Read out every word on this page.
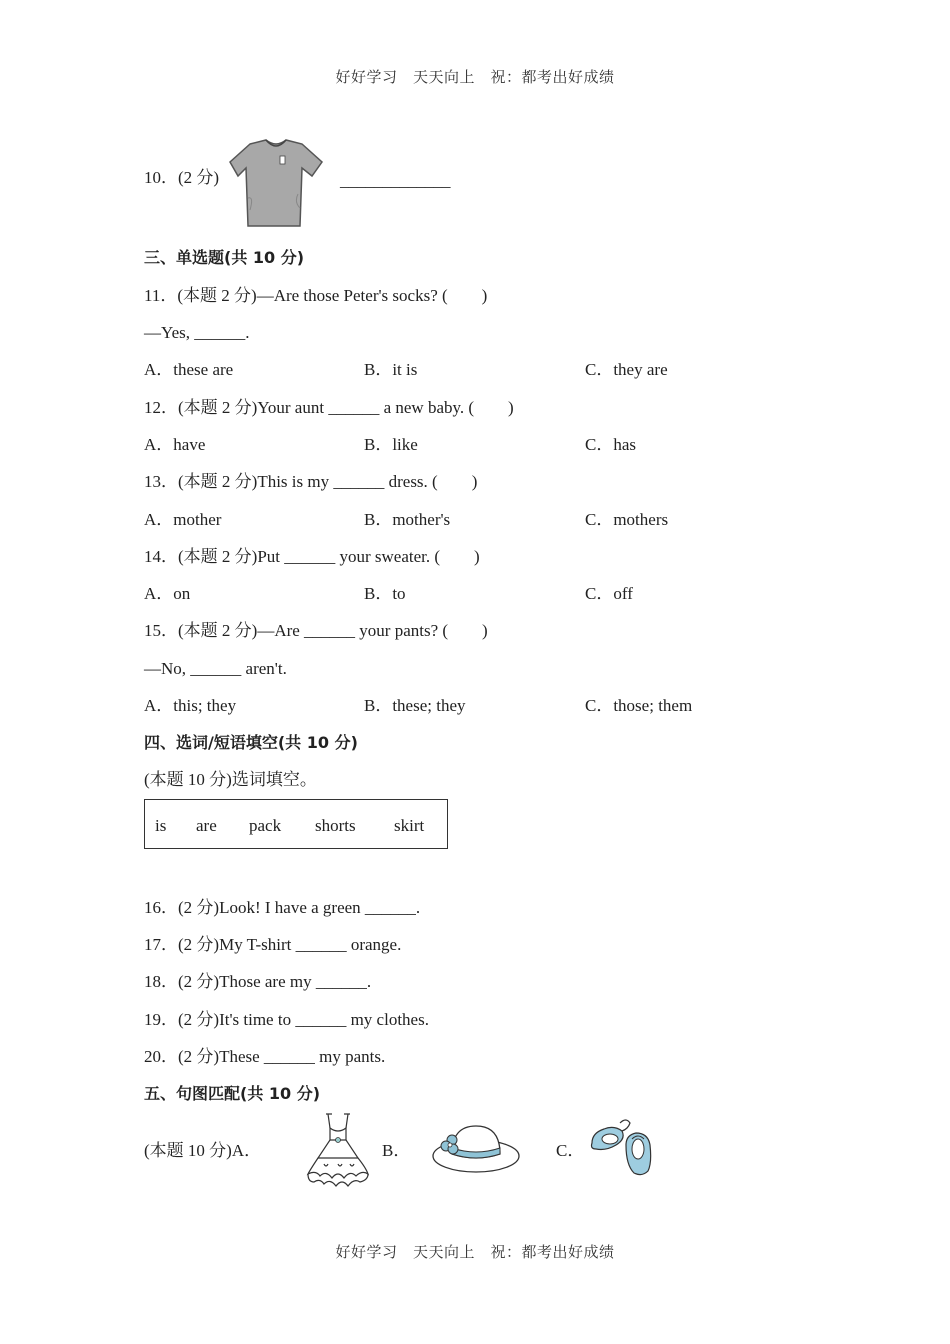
好好学习　天天向上　祝：都考出好成绩
10．(2 分)	_____________
三、单选题(共 10 分)
11．(本题 2 分)—Are those Peter's socks? (　　)
—Yes, ______.
A．these are	B．it is	C．they are
12．(本题 2 分)Your aunt ______ a new baby. (　　)
A．have	B．like	C．has
13．(本题 2 分)This is my ______ dress. (　　)
A．mother	B．mother's	C．mothers
14．(本题 2 分)Put ______ your sweater. (　　)
A．on	B．to	C．off
15．(本题 2 分)—Are ______ your pants? (　　)
—No, ______ aren't.
A．this; they	B．these; they	C．those; them
四、选词/短语填空(共 10 分)
(本题 10 分)选词填空。
is are pack shorts skirt
16．(2 分)Look! I have a green ______.
17．(2 分)My T-shirt ______ orange.
18．(2 分)Those are my ______.
19．(2 分)It's time to ______ my clothes.
20．(2 分)These ______ my pants.
五、句图匹配(共 10 分)
(本题 10 分)A．	B．	C．
好好学习　天天向上　祝：都考出好成绩
